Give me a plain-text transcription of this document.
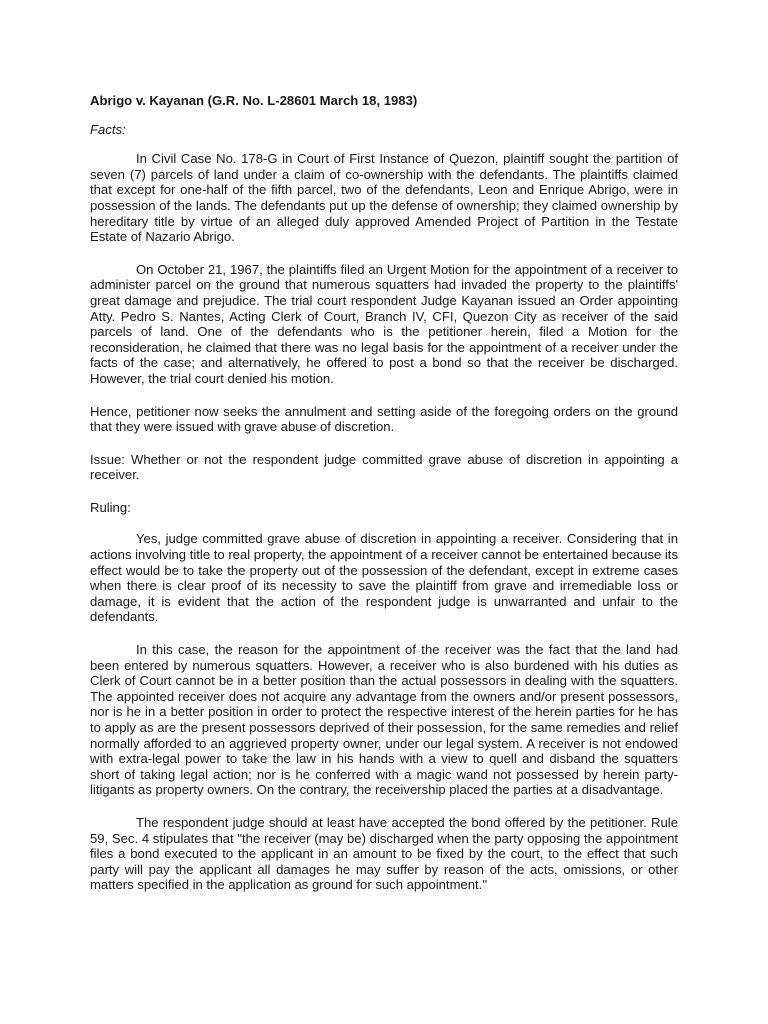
Abrigo v. Kayanan (G.R. No. L-28601 March 18, 1983)
Facts:

In Civil Case No. 178-G in Court of First Instance of Quezon, plaintiff sought the partition of seven (7) parcels of land under a claim of co-ownership with the defendants. The plaintiffs claimed that except for one-half of the fifth parcel, two of the defendants, Leon and Enrique Abrigo, were in possession of the lands. The defendants put up the defense of ownership; they claimed ownership by hereditary title by virtue of an alleged duly approved Amended Project of Partition in the Testate Estate of Nazario Abrigo.

On October 21, 1967, the plaintiffs filed an Urgent Motion for the appointment of a receiver to administer parcel on the ground that numerous squatters had invaded the property to the plaintiffs' great damage and prejudice. The trial court respondent Judge Kayanan issued an Order appointing Atty. Pedro S. Nantes, Acting Clerk of Court, Branch IV, CFI, Quezon City as receiver of the said parcels of land. One of the defendants who is the petitioner herein, filed a Motion for the reconsideration, he claimed that there was no legal basis for the appointment of a receiver under the facts of the case; and alternatively, he offered to post a bond so that the receiver be discharged. However, the trial court denied his motion.

Hence, petitioner now seeks the annulment and setting aside of the foregoing orders on the ground that they were issued with grave abuse of discretion.

Issue: Whether or not the respondent judge committed grave abuse of discretion in appointing a receiver.

Ruling:

Yes, judge committed grave abuse of discretion in appointing a receiver. Considering that in actions involving title to real property, the appointment of a receiver cannot be entertained because its effect would be to take the property out of the possession of the defendant, except in extreme cases when there is clear proof of its necessity to save the plaintiff from grave and irremediable loss or damage, it is evident that the action of the respondent judge is unwarranted and unfair to the defendants.

In this case, the reason for the appointment of the receiver was the fact that the land had been entered by numerous squatters. However, a receiver who is also burdened with his duties as Clerk of Court cannot be in a better position than the actual possessors in dealing with the squatters. The appointed receiver does not acquire any advantage from the owners and/or present possessors, nor is he in a better position in order to protect the respective interest of the herein parties for he has to apply as are the present possessors deprived of their possession, for the same remedies and relief normally afforded to an aggrieved property owner, under our legal system. A receiver is not endowed with extra-legal power to take the law in his hands with a view to quell and disband the squatters short of taking legal action; nor is he conferred with a magic wand not possessed by herein party-litigants as property owners. On the contrary, the receivership placed the parties at a disadvantage.

The respondent judge should at least have accepted the bond offered by the petitioner. Rule 59, Sec. 4 stipulates that "the receiver (may be) discharged when the party opposing the appointment files a bond executed to the applicant in an amount to be fixed by the court, to the effect that such party will pay the applicant all damages he may suffer by reason of the acts, omissions, or other matters specified in the application as ground for such appointment."
